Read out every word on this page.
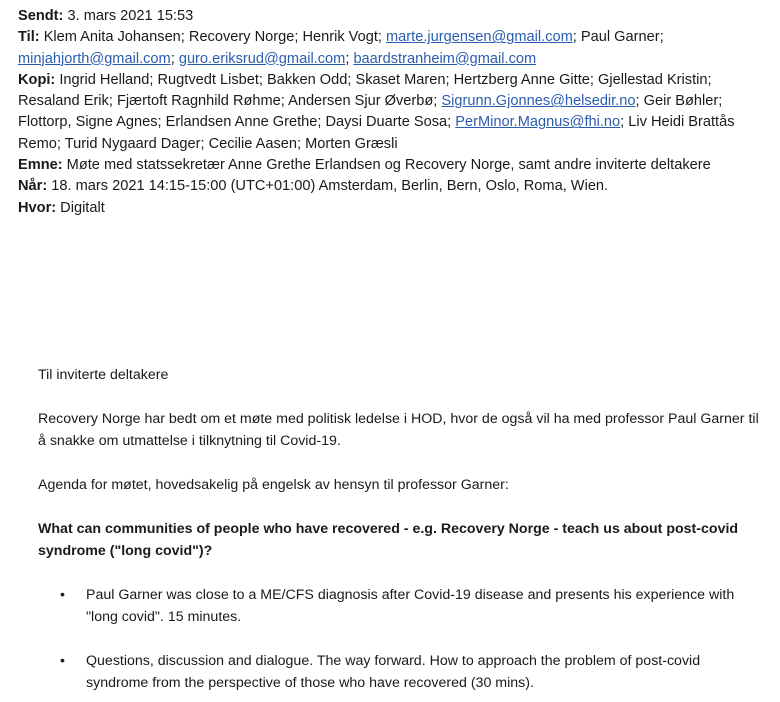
Sendt: 3. mars 2021 15:53

Til: Klem Anita Johansen; Recovery Norge; Henrik Vogt; marte.jurgensen@gmail.com; Paul Garner; minjahjorth@gmail.com; guro.eriksrud@gmail.com; baardstranheim@gmail.com

Kopi: Ingrid Helland; Rugtvedt Lisbet; Bakken Odd; Skaset Maren; Hertzberg Anne Gitte; Gjellestad Kristin; Resaland Erik; Fjærtoft Ragnhild Røhme; Andersen Sjur Øverbø; Sigrunn.Gjonnes@helsedir.no; Geir Bøhler; Flottorp, Signe Agnes; Erlandsen Anne Grethe; Daysi Duarte Sosa; PerMinor.Magnus@fhi.no; Liv Heidi Brattås Remo; Turid Nygaard Dager; Cecilie Aasen; Morten Græsli

Emne: Møte med statssekretær Anne Grethe Erlandsen og Recovery Norge, samt andre inviterte deltakere

Når: 18. mars 2021 14:15-15:00 (UTC+01:00) Amsterdam, Berlin, Bern, Oslo, Roma, Wien.

Hvor: Digitalt

Til inviterte deltakere

Recovery Norge har bedt om et møte med politisk ledelse i HOD, hvor de også vil ha med professor Paul Garner til å snakke om utmattelse i tilknytning til Covid-19.

Agenda for møtet, hovedsakelig på engelsk av hensyn til professor Garner:

What can communities of people who have recovered - e.g. Recovery Norge - teach us about post-covid syndrome ("long covid")?

• Paul Garner was close to a ME/CFS diagnosis after Covid-19 disease and presents his experience with "long covid". 15 minutes.
• Questions, discussion and dialogue. The way forward. How to approach the problem of post-covid syndrome from the perspective of those who have recovered (30 mins).
